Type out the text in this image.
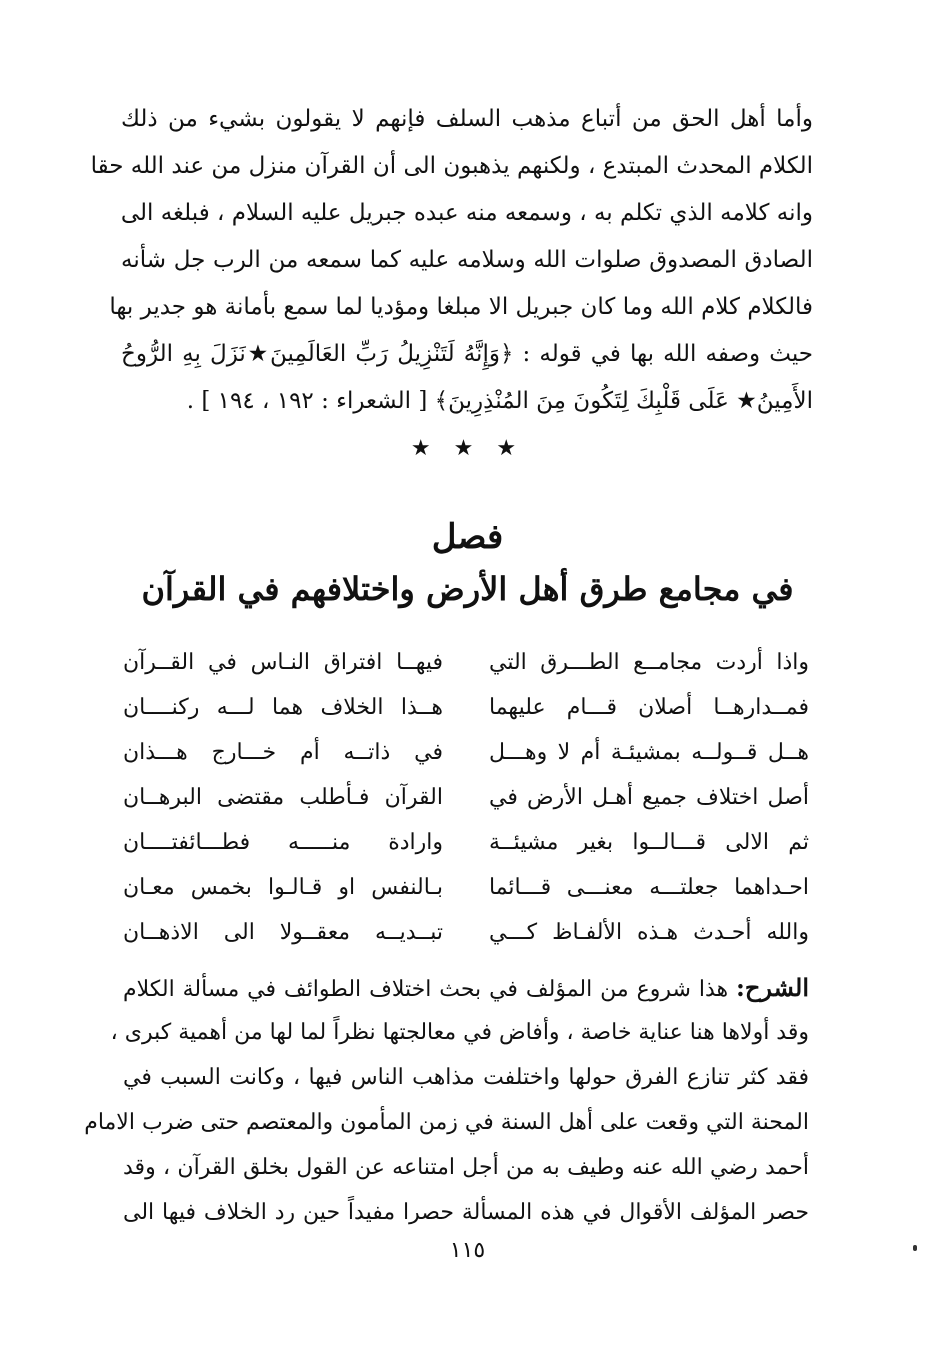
وأما أهل الحق من أتباع مذهب السلف فإنهم لا يقولون بشيء من ذلك
الكلام المحدث المبتدع ، ولكنهم يذهبون الى أن القرآن منزل من عند الله حقا
وانه كلامه الذي تكلم به ، وسمعه منه عبده جبريل عليه السلام ، فبلغه الى
الصادق المصدوق صلوات الله وسلامه عليه كما سمعه من الرب جل شأنه
فالكلام كلام الله وما كان جبريل الا مبلغا ومؤديا لما سمع بأمانة هو جدير بها
حيث وصفه الله بها في قوله : ﴿وَإِنَّهُ لَتَنْزِيلُ رَبِّ العَالَمِينَ★نَزَلَ بِهِ الرُّوحُ
الأَمِينُ★ عَلَى قَلْبِكَ لِتَكُونَ مِنَ المُنْذِرِينَ﴾ [ الشعراء : ١٩٢ ، ١٩٤ ] .
★ ★ ★
فصل
في مجامع طرق أهل الأرض واختلافهم في القرآن
واذا أردت مجامــع الطـــرق التي
فيهــا افتراق النـاس في القــرآن
فمــدارهــا أصلان قـــام عليهما
هــذا الخلاف هما لـــه ركنــــان
هــل قــولــه بمشيئـة أم لا وهـــل
في ذاتــه أم خـــارج هـــذان
أصل اختلاف جميع أهـل الأرض في
القرآن فـأطلب مقتضى البرهــان
ثم الالى قـــالــوا بغير مشيئــة
وارادة منـــــه فطـــائفتــــان
احـداهما جعلتـــه معنـــى قـــائما
بـالنفس او قـالـوا بخمس معـان
والله أحـدث هـذه الألفـاظ كـــي
تبــديــه معقــولا الى الاذهــان
الشرح: هذا شروع من المؤلف في بحث اختلاف الطوائف في مسألة الكلام
وقد أولاها هنا عناية خاصة ، وأفاض في معالجتها نظراً لما لها من أهمية كبرى ،
فقد كثر تنازع الفرق حولها واختلفت مذاهب الناس فيها ، وكانت السبب في
المحنة التي وقعت على أهل السنة في زمن المأمون والمعتصم حتى ضرب الامام
أحمد رضي الله عنه وطيف به من أجل امتناعه عن القول بخلق القرآن ، وقد
حصر المؤلف الأقوال في هذه المسألة حصرا مفيداً حين رد الخلاف فيها الى
١١٥
